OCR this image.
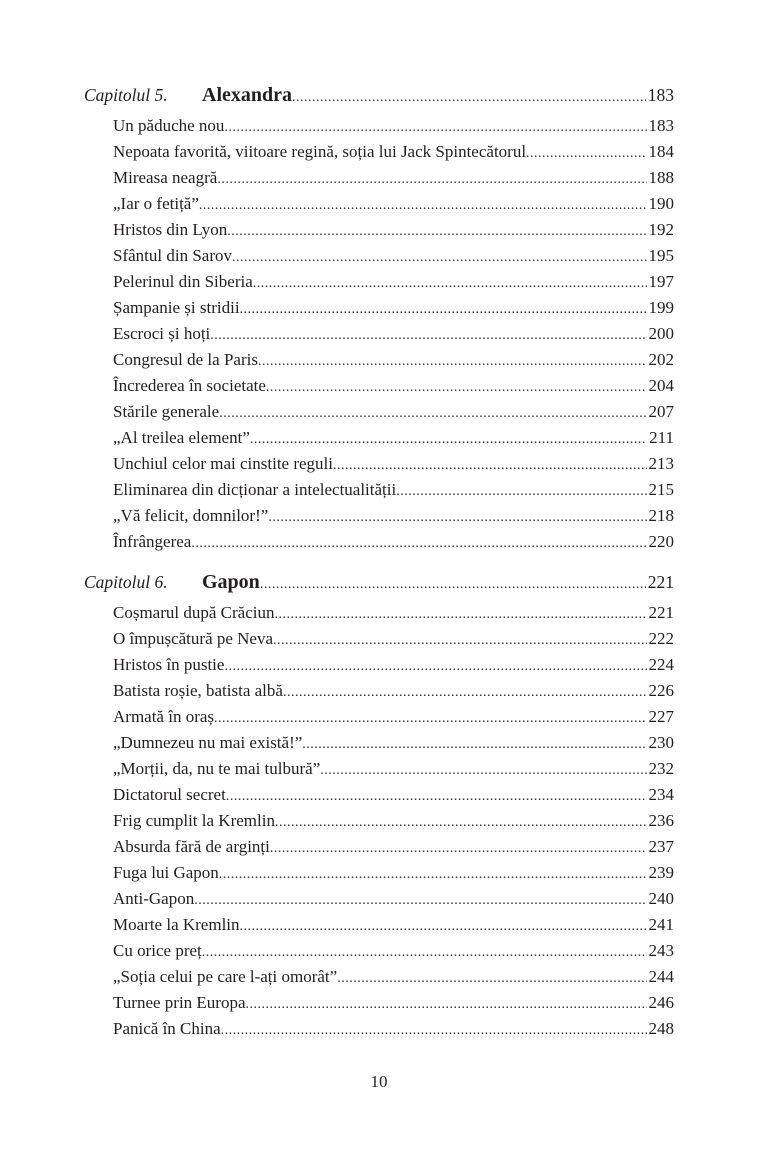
Capitolul 5.	Alexandra .....	183
Un păduche nou .....	183
Nepoata favorită, viitoare regină, soția lui Jack Spintecătorul .....	184
Mireasa neagră .....	188
„Iar o fetiță” .....	190
Hristos din Lyon .....	192
Sfântul din Sarov .....	195
Pelerinul din Siberia .....	197
Șampanie și stridii .....	199
Escroci și hoți .....	200
Congresul de la Paris .....	202
Încrederea în societate .....	204
Stările generale .....	207
„Al treilea element” .....	211
Unchiul celor mai cinstite reguli .....	213
Eliminarea din dicționar a intelectualității .....	215
„Vă felicit, domnilor!” .....	218
Înfrângerea .....	220
Capitolul 6.	Gapon .....	221
Coșmarul după Crăciun .....	221
O împușcătură pe Neva .....	222
Hristos în pustie .....	224
Batista roșie, batista albă .....	226
Armată în oraș .....	227
„Dumnezeu nu mai există!” .....	230
„Morții, da, nu te mai tulbură” .....	232
Dictatorul secret .....	234
Frig cumplit la Kremlin .....	236
Absurda fără de arginți .....	237
Fuga lui Gapon .....	239
Anti-Gapon .....	240
Moarte la Kremlin .....	241
Cu orice preț .....	243
„Soția celui pe care l-ați omorât” .....	244
Turnee prin Europa .....	246
Panică în China .....	248
10
